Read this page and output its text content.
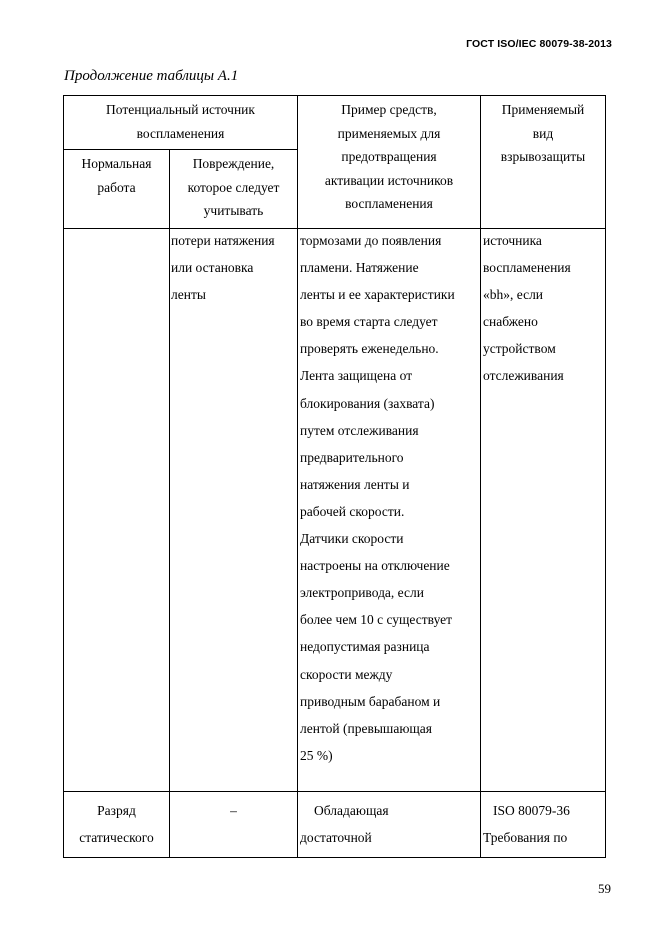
ГОСТ ISO/IEC 80079-38-2013
Продолжение таблицы А.1
Потенциальный источник
воспламенения
Нормальная
работа
Повреждение,
которое следует
учитывать
Пример средств,
применяемых для
предотвращения
активации источников
воспламенения
Применяемый
вид
взрывозащиты
потери натяжения
или остановка
ленты
тормозами до появления
пламени. Натяжение
ленты и ее характеристики
во время старта следует
проверять еженедельно.
Лента защищена от
блокирования (захвата)
путем отслеживания
предварительного
натяжения ленты и
рабочей скорости.
Датчики скорости
настроены на отключение
электропривода, если
более чем 10 с существует
недопустимая разница
скорости между
приводным барабаном и
лентой (превышающая
25 %)
источника
воспламенения
«bh», если
снабжено
устройством
отслеживания
Разряд
статического
–	Обладающая
достаточной
ISO 80079-36
Требования по
59
